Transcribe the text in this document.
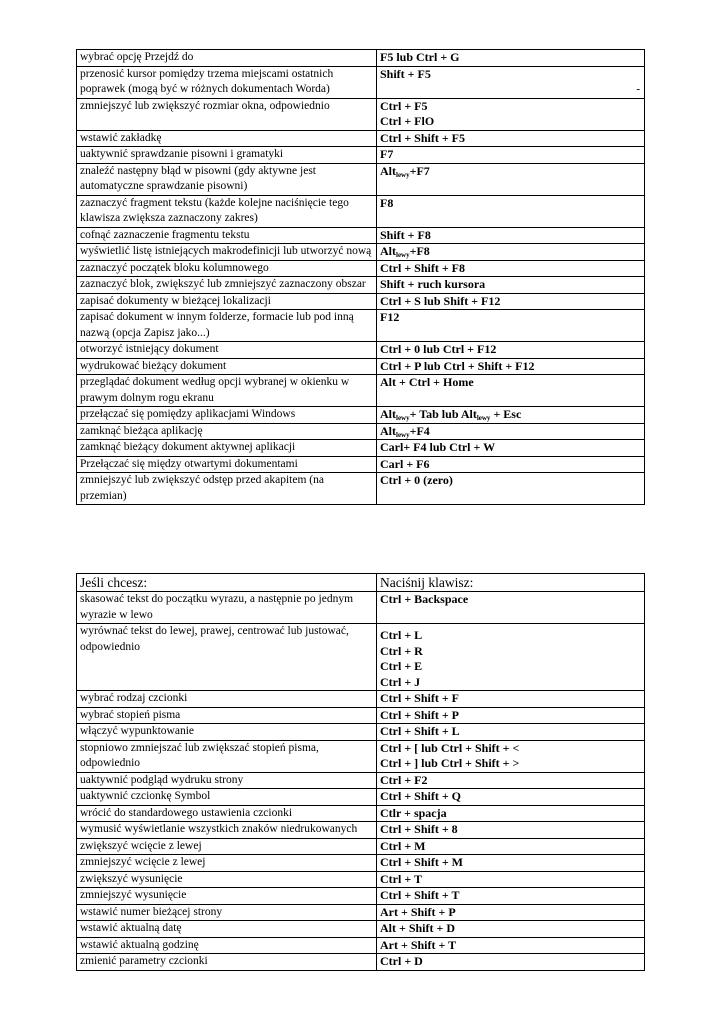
wybrać opcję Przejdź do	F5 lub Ctrl + G
przenosić kursor pomiędzy trzema miejscami ostatnich poprawek (mogą być w różnych dokumentach Worda)	Shift + F5
-

zmniejszyć lub zwiększyć rozmiar okna, odpowiednio	Ctrl + F5
Ctrl + FlO

wstawić zakładkę	Ctrl + Shift + F5
uaktywnić sprawdzanie pisowni i gramatyki	F7
znaleźć następny błąd w pisowni (gdy aktywne jest automatyczne sprawdzanie pisowni)	Alt$_{lewy}$+F7
zaznaczyć fragment tekstu (każde kolejne naciśnięcie tego klawisza zwiększa zaznaczony zakres)	F8
cofnąć zaznaczenie fragmentu tekstu	Shift + F8
wyświetlić listę istniejących makrodefinicji lub utworzyć nową	Alt$_{lewy}$+F8
zaznaczyć początek bloku kolumnowego	Ctrl + Shift + F8
zaznaczyć blok, zwiększyć lub zmniejszyć zaznaczony obszar	Shift + ruch kursora
zapisać dokumenty w bieżącej lokalizacji	Ctrl + S lub Shift + F12
zapisać dokument w innym folderze, formacie lub pod inną nazwą (opcja Zapisz jako...)	F12
otworzyć istniejący dokument	Ctrl + 0 lub Ctrl + F12
wydrukować bieżący dokument	Ctrl + P lub Ctrl + Shift + F12
przeglądać dokument według opcji wybranej w okienku w prawym dolnym rogu ekranu	Alt + Ctrl + Home
przełączać się pomiędzy aplikacjami Windows	Alt$_{lewy}$+ Tab lub Alt$_{lewy}$ + Esc
zamknąć bieżąca aplikację	Alt$_{lewy}$+F4
zamknąć bieżący dokument aktywnej aplikacji	Carl+ F4 lub Ctrl + W
Przełączać się między otwartymi dokumentami	Carl + F6
zmniejszyć lub zwiększyć odstęp przed akapitem (na przemian)	Ctrl + 0 (zero)
Jeśli chcesz:	Naciśnij klawisz:
skasować tekst do początku wyrazu, a następnie po jednym wyrazie w lewo	Ctrl + Backspace
wyrównać tekst do lewej, prawej, centrować lub justować, odpowiednio	Ctrl + L
Ctrl + R
Ctrl + E
Ctrl + J

wybrać rodzaj czcionki	Ctrl + Shift + F
wybrać stopień pisma	Ctrl + Shift + P
włączyć wypunktowanie	Ctrl + Shift + L
stopniowo zmniejszać lub zwiększać stopień pisma, odpowiednio	Ctrl + [ lub Ctrl + Shift + <
Ctrl + ] lub Ctrl + Shift + >

uaktywnić podgląd wydruku strony	Ctrl + F2
uaktywnić czcionkę Symbol	Ctrl + Shift + Q
wrócić do standardowego ustawienia czcionki	Ctlr + spacja
wymusić wyświetlanie wszystkich znaków niedrukowanych	Ctrl + Shift + 8
zwiększyć wcięcie z lewej	Ctrl + M
zmniejszyć wcięcie z lewej	Ctrl + Shift + M
zwiększyć wysunięcie	Ctrl + T
zmniejszyć wysunięcie	Ctrl + Shift + T
wstawić numer bieżącej strony	Art + Shift + P
wstawić aktualną datę	Alt + Shift + D
wstawić aktualną godzinę	Art + Shift + T
zmienić parametry czcionki	Ctrl + D
